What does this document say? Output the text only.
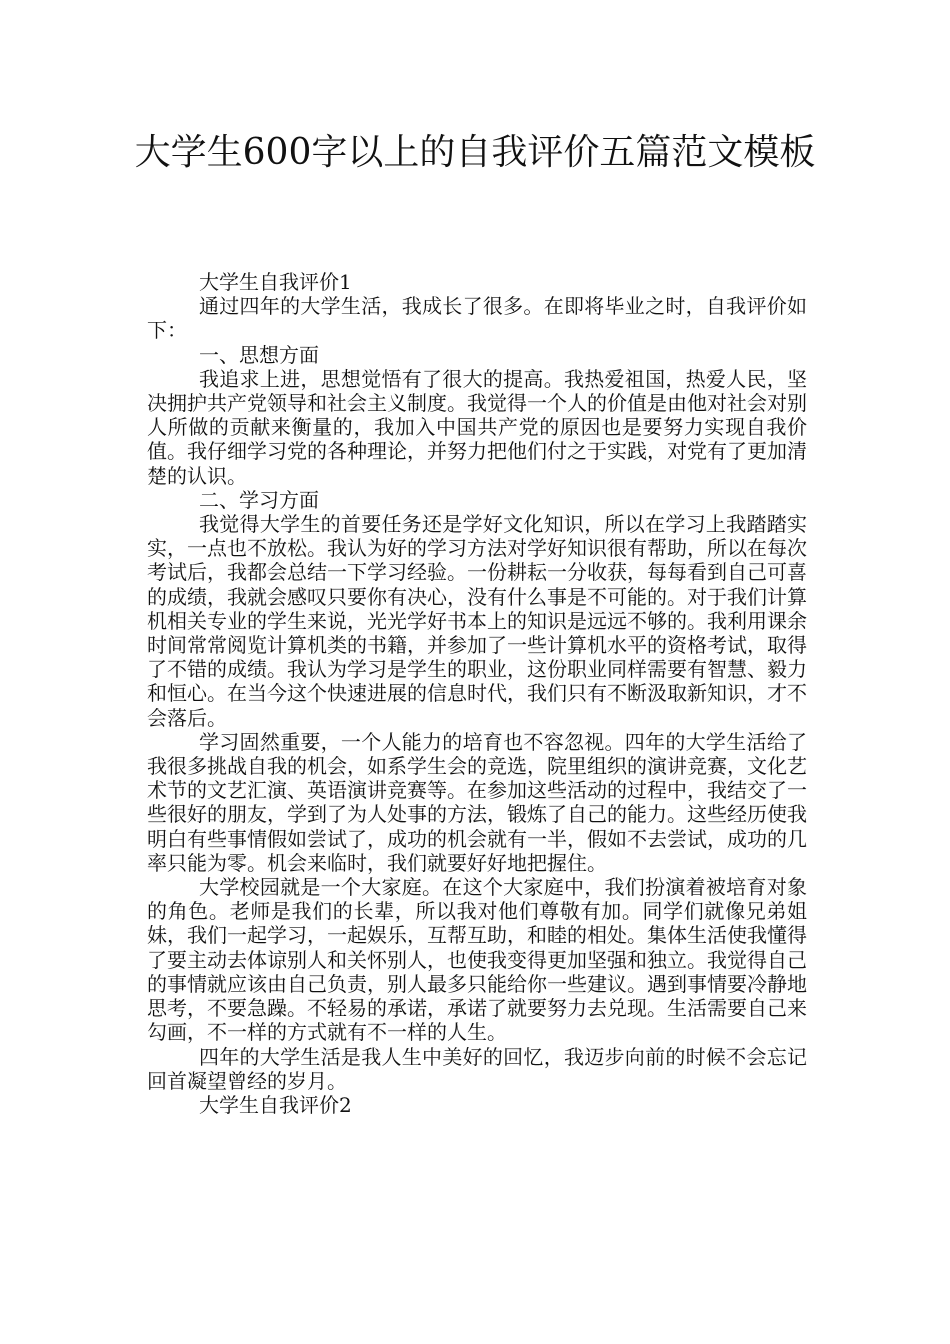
大学生600字以上的自我评价五篇范文模板

大学生自我评价1

通过四年的大学生活，我成长了很多。在即将毕业之时，自我评价如下：

一、思想方面

我追求上进，思想觉悟有了很大的提高。我热爱祖国，热爱人民，坚决拥护共产党领导和社会主义制度。我觉得一个人的价值是由他对社会对别人所做的贡献来衡量的，我加入中国共产党的原因也是要努力实现自我价值。我仔细学习党的各种理论，并努力把他们付之于实践，对党有了更加清楚的认识。

二、学习方面

我觉得大学生的首要任务还是学好文化知识，所以在学习上我踏踏实实，一点也不放松。我认为好的学习方法对学好知识很有帮助，所以在每次考试后，我都会总结一下学习经验。一份耕耘一分收获，每每看到自己可喜的成绩，我就会感叹只要你有决心，没有什么事是不可能的。对于我们计算机相关专业的学生来说，光光学好书本上的知识是远远不够的。我利用课余时间常常阅览计算机类的书籍，并参加了一些计算机水平的资格考试，取得了不错的成绩。我认为学习是学生的职业，这份职业同样需要有智慧、毅力和恒心。在当今这个快速进展的信息时代，我们只有不断汲取新知识，才不会落后。

学习固然重要，一个人能力的培育也不容忽视。四年的大学生活给了我很多挑战自我的机会，如系学生会的竞选，院里组织的演讲竞赛，文化艺术节的文艺汇演、英语演讲竞赛等。在参加这些活动的过程中，我结交了一些很好的朋友，学到了为人处事的方法，锻炼了自己的能力。这些经历使我明白有些事情假如尝试了，成功的机会就有一半，假如不去尝试，成功的几率只能为零。机会来临时，我们就要好好地把握住。

大学校园就是一个大家庭。在这个大家庭中，我们扮演着被培育对象的角色。老师是我们的长辈，所以我对他们尊敬有加。同学们就像兄弟姐妹，我们一起学习，一起娱乐，互帮互助，和睦的相处。集体生活使我懂得了要主动去体谅别人和关怀别人，也使我变得更加坚强和独立。我觉得自己的事情就应该由自己负责，别人最多只能给你一些建议。遇到事情要冷静地思考，不要急躁。不轻易的承诺，承诺了就要努力去兑现。生活需要自己来勾画，不一样的方式就有不一样的人生。

四年的大学生活是我人生中美好的回忆，我迈步向前的时候不会忘记回首凝望曾经的岁月。

大学生自我评价2
